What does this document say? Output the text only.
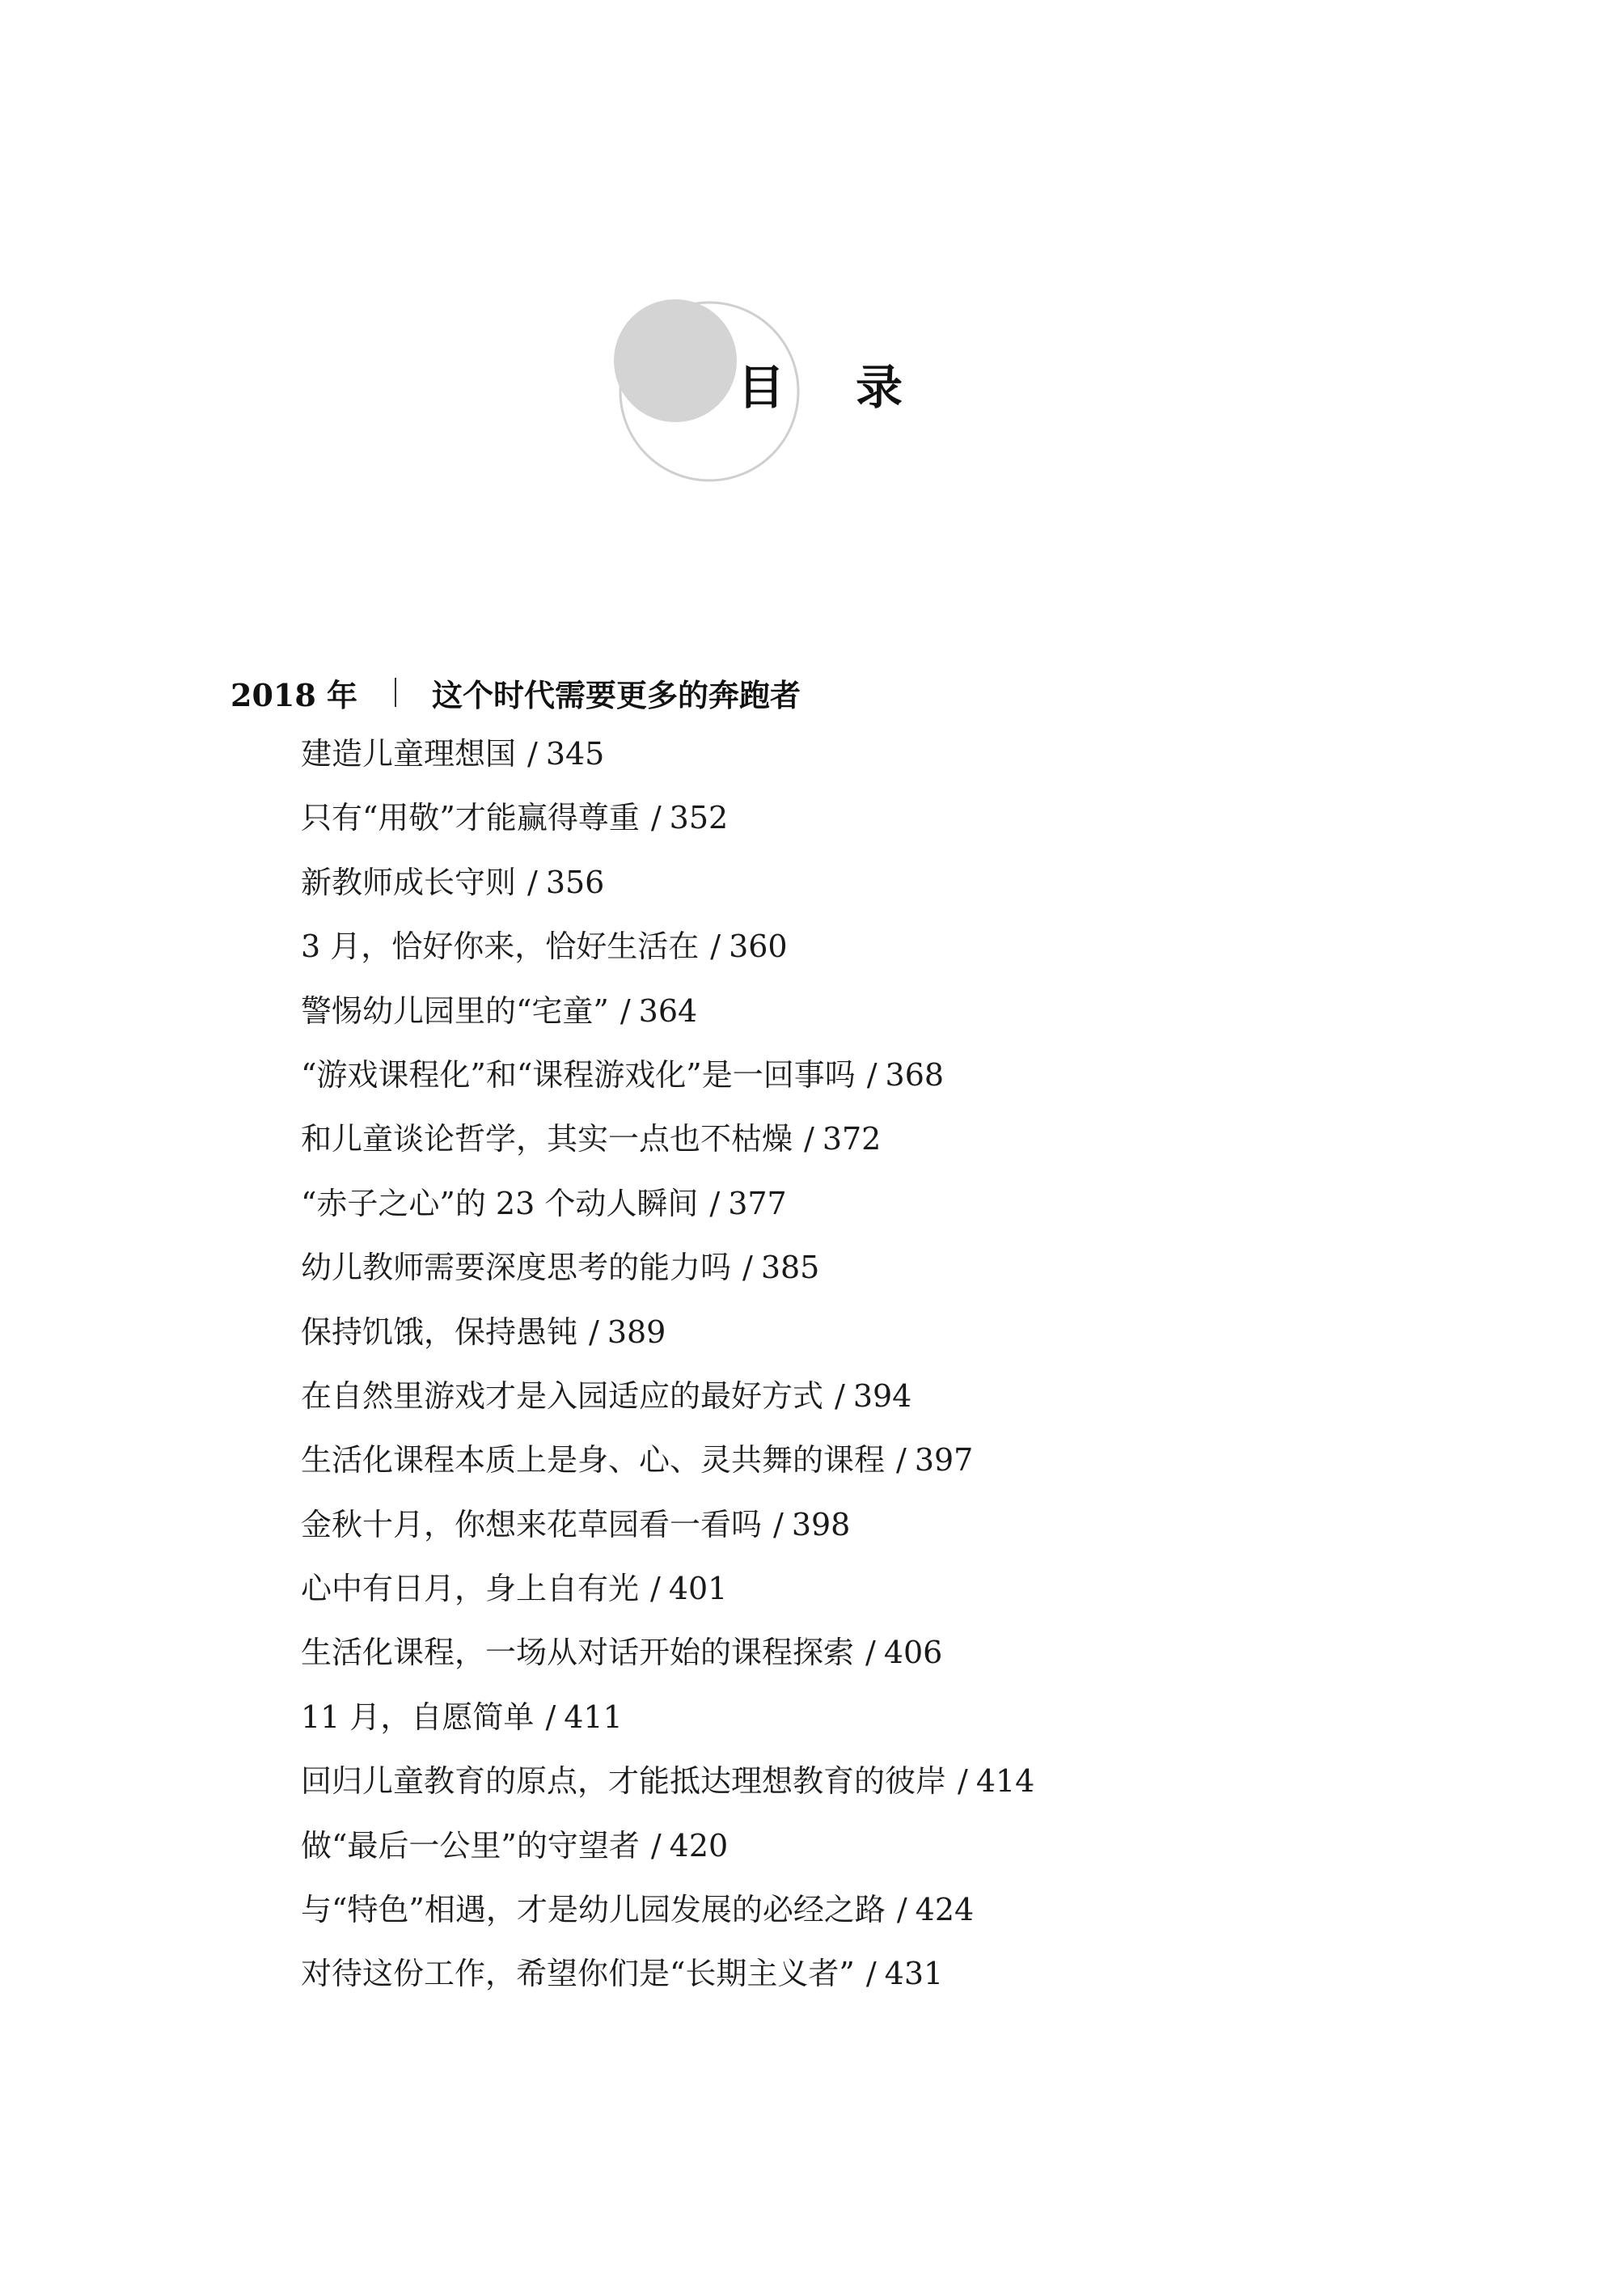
目 录
2018 年 这个时代需要更多的奔跑者
建造儿童理想国 / 345
只有“用敬”才能赢得尊重 / 352
新教师成长守则 / 356
3 月，恰好你来，恰好生活在 / 360
警惕幼儿园里的“宅童” / 364
“游戏课程化”和“课程游戏化”是一回事吗 / 368
和儿童谈论哲学，其实一点也不枯燥 / 372
“赤子之心”的 23 个动人瞬间 / 377
幼儿教师需要深度思考的能力吗 / 385
保持饥饿，保持愚钝 / 389
在自然里游戏才是入园适应的最好方式 / 394
生活化课程本质上是身、心、灵共舞的课程 / 397
金秋十月，你想来花草园看一看吗 / 398
心中有日月，身上自有光 / 401
生活化课程，一场从对话开始的课程探索 / 406
11 月，自愿简单 / 411
回归儿童教育的原点，才能抵达理想教育的彼岸 / 414
做“最后一公里”的守望者 / 420
与“特色”相遇，才是幼儿园发展的必经之路 / 424
对待这份工作，希望你们是“长期主义者” / 431
